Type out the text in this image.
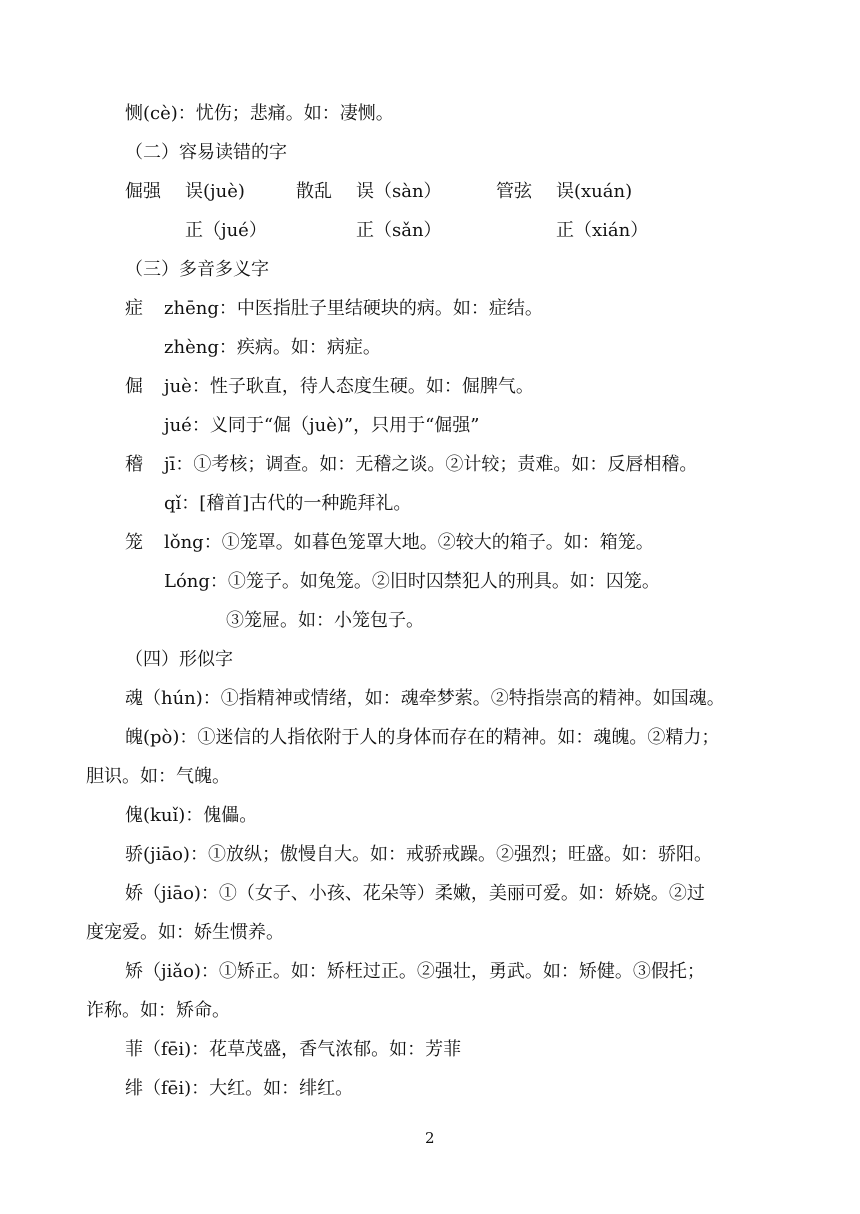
恻(cè)：忧伤；悲痛。如：凄恻。
（二）容易读错的字
倔强 误(juè)	散乱 误（sàn）	管弦 误(xuán)
正（jué）	正（sǎn）	正（xián）
（三）多音多义字
症 zhēng：中医指肚子里结硬块的病。如：症结。
zhèng：疾病。如：病症。
倔 juè：性子耿直，待人态度生硬。如：倔脾气。
jué：义同于“倔（juè)”，只用于“倔强”
稽 jī：①考核；调查。如：无稽之谈。②计较；责难。如：反唇相稽。
qǐ：[稽首]古代的一种跪拜礼。
笼 lǒng：①笼罩。如暮色笼罩大地。②较大的箱子。如：箱笼。
Lóng：①笼子。如兔笼。②旧时囚禁犯人的刑具。如：囚笼。
③笼屉。如：小笼包子。
（四）形似字
魂（hún)：①指精神或情绪，如：魂牵梦萦。②特指崇高的精神。如国魂。
魄(pò)：①迷信的人指依附于人的身体而存在的精神。如：魂魄。②精力；
胆识。如：气魄。
傀(kuǐ)：傀儡。
骄(jiāo)：①放纵；傲慢自大。如：戒骄戒躁。②强烈；旺盛。如：骄阳。
娇（jiāo)：①（女子、小孩、花朵等）柔嫩，美丽可爱。如：娇娆。②过
度宠爱。如：娇生惯养。
矫（jiǎo)：①矫正。如：矫枉过正。②强壮，勇武。如：矫健。③假托；
诈称。如：矫命。
菲（fēi)：花草茂盛，香气浓郁。如：芳菲
绯（fēi)：大红。如：绯红。
2
